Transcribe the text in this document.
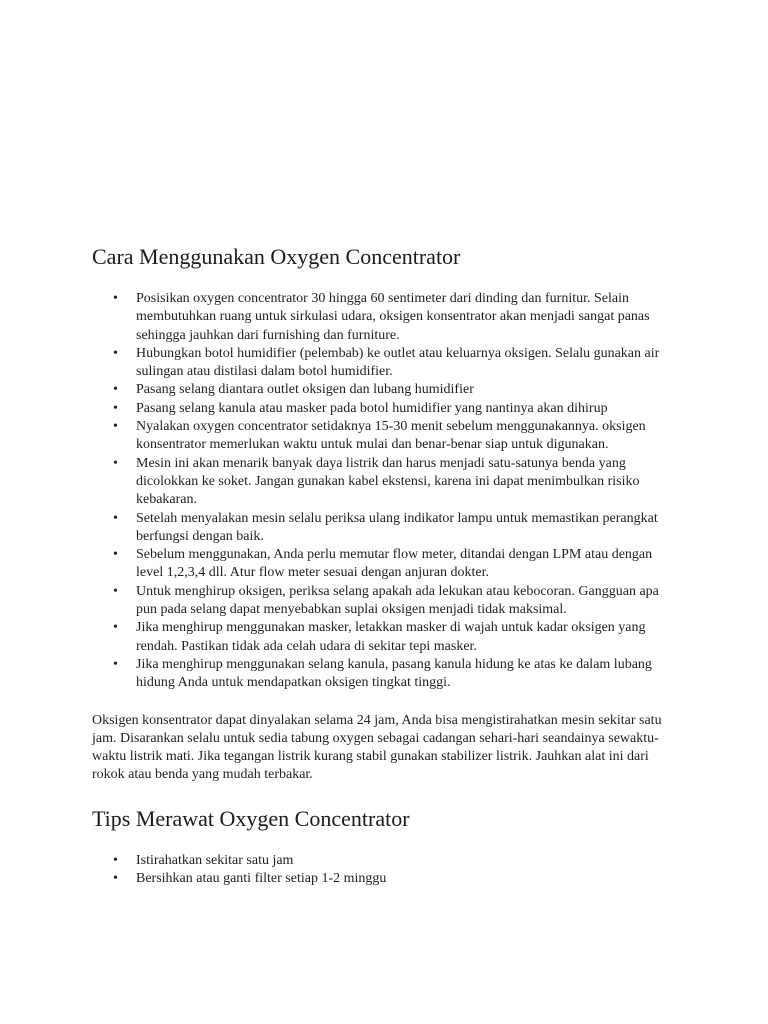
Cara Menggunakan Oxygen Concentrator
• Posisikan oxygen concentrator 30 hingga 60 sentimeter dari dinding dan furnitur. Selain membutuhkan ruang untuk sirkulasi udara, oksigen konsentrator akan menjadi sangat panas sehingga jauhkan dari furnishing dan furniture.
• Hubungkan botol humidifier (pelembab) ke outlet atau keluarnya oksigen. Selalu gunakan air sulingan atau distilasi dalam botol humidifier.
• Pasang selang diantara outlet oksigen dan lubang humidifier
• Pasang selang kanula atau masker pada botol humidifier yang nantinya akan dihirup
• Nyalakan oxygen concentrator setidaknya 15-30 menit sebelum menggunakannya. oksigen konsentrator memerlukan waktu untuk mulai dan benar-benar siap untuk digunakan.
• Mesin ini akan menarik banyak daya listrik dan harus menjadi satu-satunya benda yang dicolokkan ke soket. Jangan gunakan kabel ekstensi, karena ini dapat menimbulkan risiko kebakaran.
• Setelah menyalakan mesin selalu periksa ulang indikator lampu untuk memastikan perangkat berfungsi dengan baik.
• Sebelum menggunakan, Anda perlu memutar flow meter, ditandai dengan LPM atau dengan level 1,2,3,4 dll. Atur flow meter sesuai dengan anjuran dokter.
• Untuk menghirup oksigen, periksa selang apakah ada lekukan atau kebocoran. Gangguan apa pun pada selang dapat menyebabkan suplai oksigen menjadi tidak maksimal.
• Jika menghirup menggunakan masker, letakkan masker di wajah untuk kadar oksigen yang rendah. Pastikan tidak ada celah udara di sekitar tepi masker.
• Jika menghirup menggunakan selang kanula, pasang kanula hidung ke atas ke dalam lubang hidung Anda untuk mendapatkan oksigen tingkat tinggi.

Oksigen konsentrator dapat dinyalakan selama 24 jam, Anda bisa mengistirahatkan mesin sekitar satu jam. Disarankan selalu untuk sedia tabung oxygen sebagai cadangan sehari-hari seandainya sewaktu-waktu listrik mati. Jika tegangan listrik kurang stabil gunakan stabilizer listrik. Jauhkan alat ini dari rokok atau benda yang mudah terbakar.

Tips Merawat Oxygen Concentrator
• Istirahatkan sekitar satu jam
• Bersihkan atau ganti filter setiap 1-2 minggu
